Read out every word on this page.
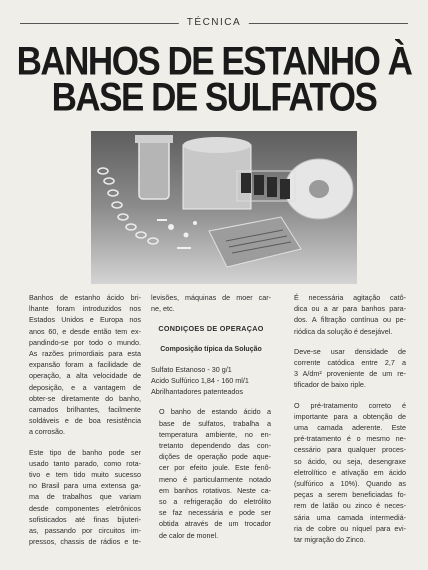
TÉCNICA
BANHOS DE ESTANHO À
BASE DE SULFATOS

Banhos de estanho ácido bri-
lhante foram introduzidos nos
Estados Unidos e Europa nos
anos 60, e desde então tem ex-
pandindo-se por todo o mundo.
As razões primordiais para esta
expansão foram a facilidade de
operação, a alta velocidade de
deposição, e a vantagem de
obter-se diretamente do banho,
camados brilhantes, facilmente
soldáveis e de boa resistência
a corrosão.

Este tipo de banho pode ser
usado tanto parado, como rota-
tivo e tem tido muito sucesso
no Brasil para uma extensa ga-
ma de trabalhos que variam
desde componentes eletrônicos
sofisticados até finas bijuteri-
as, passando por circuitos im-
pressos, chassis de rádios e te-

levisões, máquinas de moer car-
ne, etc.

CONDIÇOES DE OPERAÇAO
Composição típica da Solução

Sulfato Estanoso - 30 g/1
Acido Sulfúrico 1,84 - 160 ml/1
Abrilhantadores patenteados

O banho de estando ácido a
base de sulfatos, trabalha a
temperatura ambiente, no en-
tretanto dependendo das con-
dições de operação pode aque-
cer por efeito joule. Este fenô-
meno é particularmente notado
em banhos rotativos. Neste ca-
so a refrigeração do eletrólito
se faz necessária e pode ser
obtida através de um trocador
de calor de monel.

É necessária agitação catô-
dica ou a ar para banhos para-
dos. A filtração contínua ou pe-
riódica da solução é desejável.

Deve-se usar densidade de
corrente catódica entre 2,7 a
3 A/dm² proveniente de um re-
tificador de baixo riple.

O pré-tratamento correto é
importante para a obtenção de
uma camada aderente. Este
pré-tratamento é o mesmo ne-
cessário para qualquer proces-
so ácido, ou seja, desengraxe
eletrolítico e atívação em ácido
(sulfúrico a 10%). Quando as
peças a serem beneficiadas fo-
rem de latão ou zinco é neces-
sária uma camada intermediá-
ria de cobre ou níquel para evi-
tar migração do Zinco.
